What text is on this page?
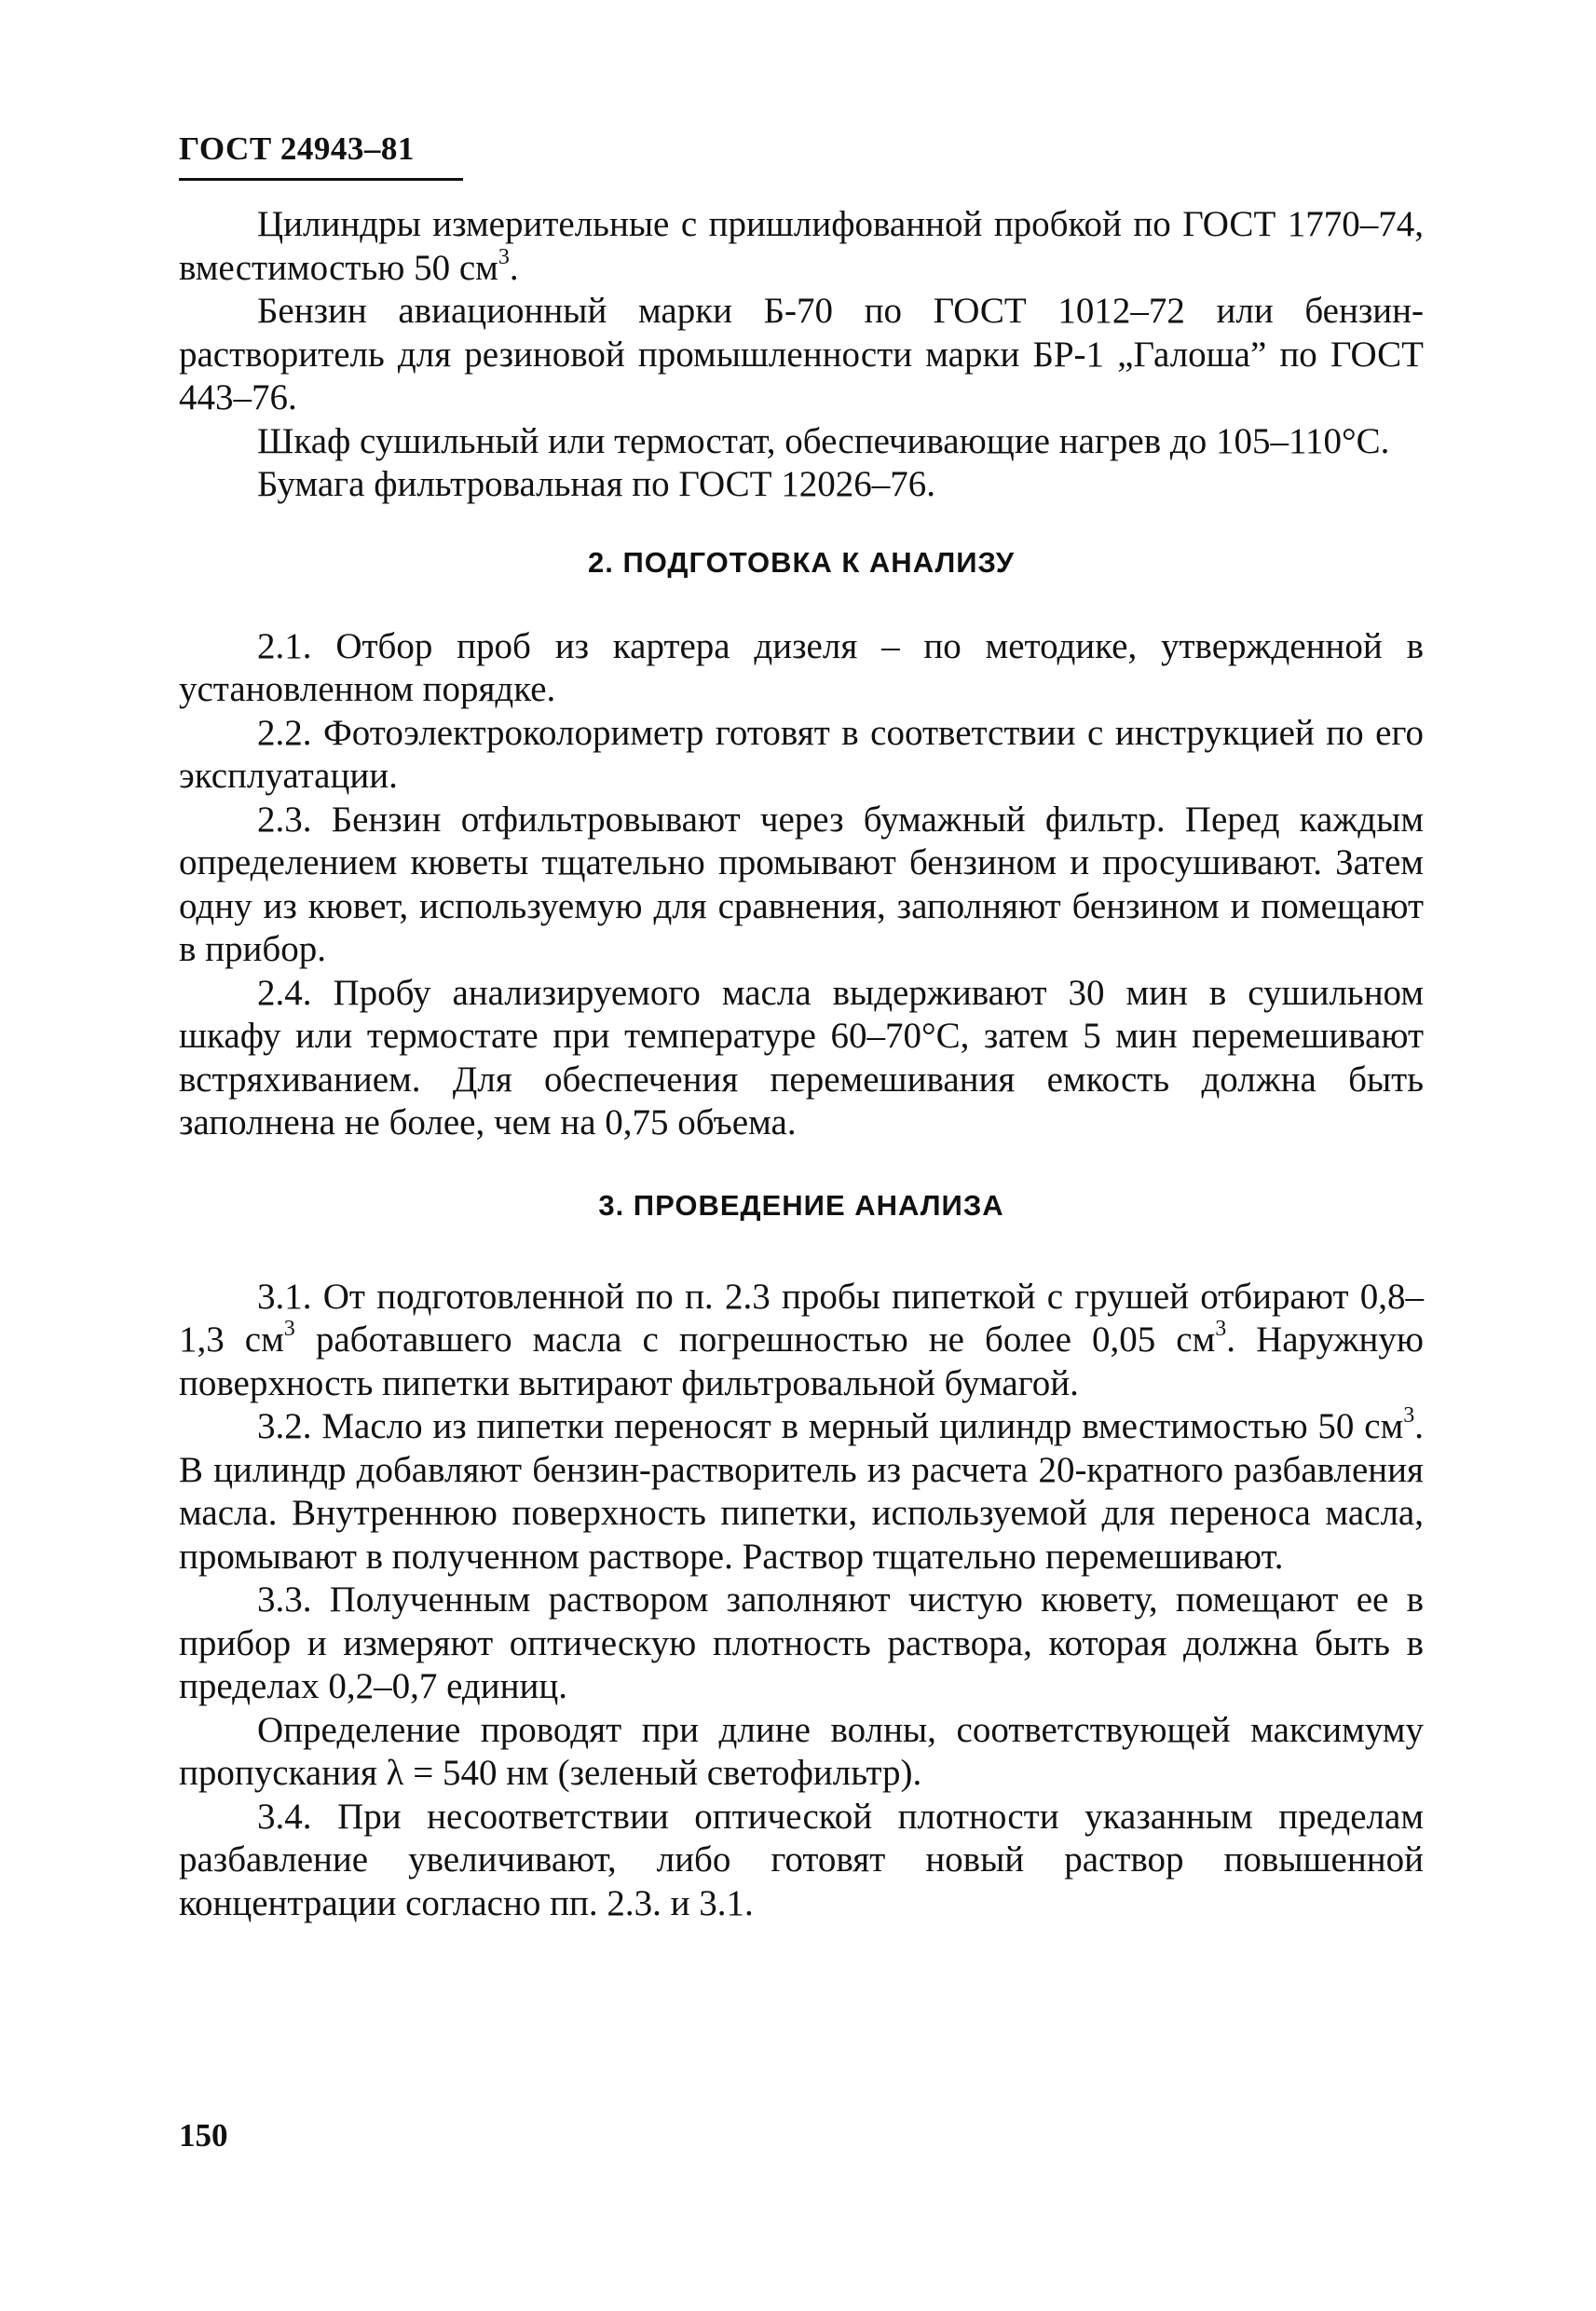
ГОСТ 24943–81

Цилиндры измерительные с пришлифованной пробкой по ГОСТ 1770–74, вместимостью 50 $см^3$.

Бензин авиационный марки Б-70 по ГОСТ 1012–72 или бензин-растворитель для резиновой промышленности марки БР-1 „Галоша” по ГОСТ 443–76.

Шкаф сушильный или термостат, обеспечивающие нагрев до 105–110°С.

Бумага фильтровальная по ГОСТ 12026–76.

2. ПОДГОТОВКА К АНАЛИЗУ

2.1. Отбор проб из картера дизеля – по методике, утвержденной в установленном порядке.

2.2. Фотоэлектроколориметр готовят в соответствии с инструкцией по его эксплуатации.

2.3. Бензин отфильтровывают через бумажный фильтр. Перед каждым определением кюветы тщательно промывают бензином и просушивают. Затем одну из кювет, используемую для сравнения, заполняют бензином и помещают в прибор.

2.4. Пробу анализируемого масла выдерживают 30 мин в сушильном шкафу или термостате при температуре 60–70°С, затем 5 мин перемешивают встряхиванием. Для обеспечения перемешивания емкость должна быть заполнена не более, чем на 0,75 объема.

3. ПРОВЕДЕНИЕ АНАЛИЗА

3.1. От подготовленной по п. 2.3 пробы пипеткой с грушей отбирают 0,8–1,3 $см^3$ работавшего масла с погрешностью не более 0,05 $см^3$. Наружную поверхность пипетки вытирают фильтровальной бумагой.

3.2. Масло из пипетки переносят в мерный цилиндр вместимостью 50 $см^3$. В цилиндр добавляют бензин-растворитель из расчета 20-кратного разбавления масла. Внутреннюю поверхность пипетки, используемой для переноса масла, промывают в полученном растворе. Раствор тщательно перемешивают.

3.3. Полученным раствором заполняют чистую кювету, помещают ее в прибор и измеряют оптическую плотность раствора, которая должна быть в пределах 0,2–0,7 единиц.

Определение проводят при длине волны, соответствующей максимуму пропускания λ = 540 нм (зеленый светофильтр).

3.4. При несоответствии оптической плотности указанным пределам разбавление увеличивают, либо готовят новый раствор повышенной концентрации согласно пп. 2.3. и 3.1.

150
